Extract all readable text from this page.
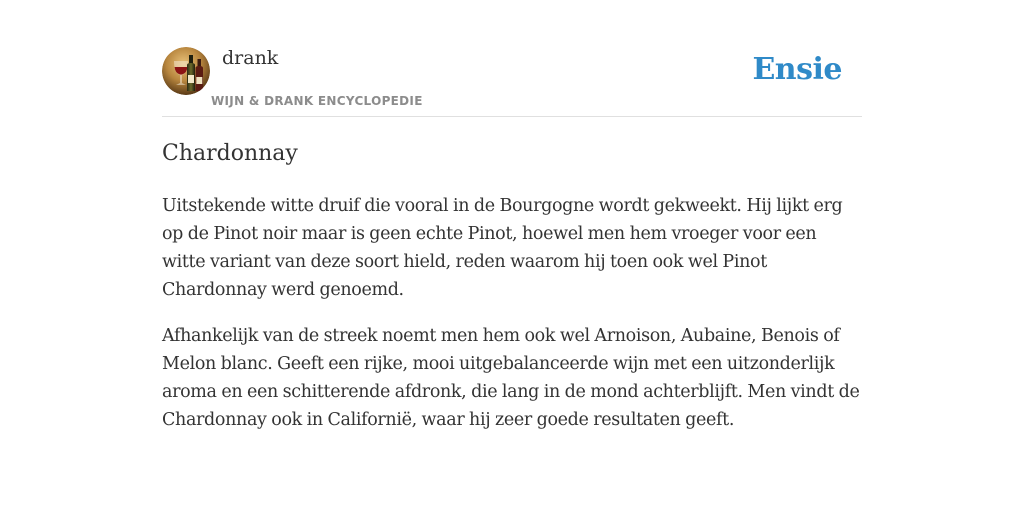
drank
WIJN & DRANK ENCYCLOPEDIE
Ensie
Chardonnay

Uitstekende witte druif die vooral in de Bourgogne wordt gekweekt. Hij lijkt erg op de Pinot noir maar is geen echte Pinot, hoewel men hem vroeger voor een witte variant van deze soort hield, reden waarom hij toen ook wel Pinot Chardonnay werd genoemd.

Afhankelijk van de streek noemt men hem ook wel Arnoison, Aubaine, Benois of Melon blanc. Geeft een rijke, mooi uitgebalanceerde wijn met een uitzonderlijk aroma en een schitterende afdronk, die lang in de mond achterblijft. Men vindt de Chardonnay ook in Californië, waar hij zeer goede resultaten geeft.
